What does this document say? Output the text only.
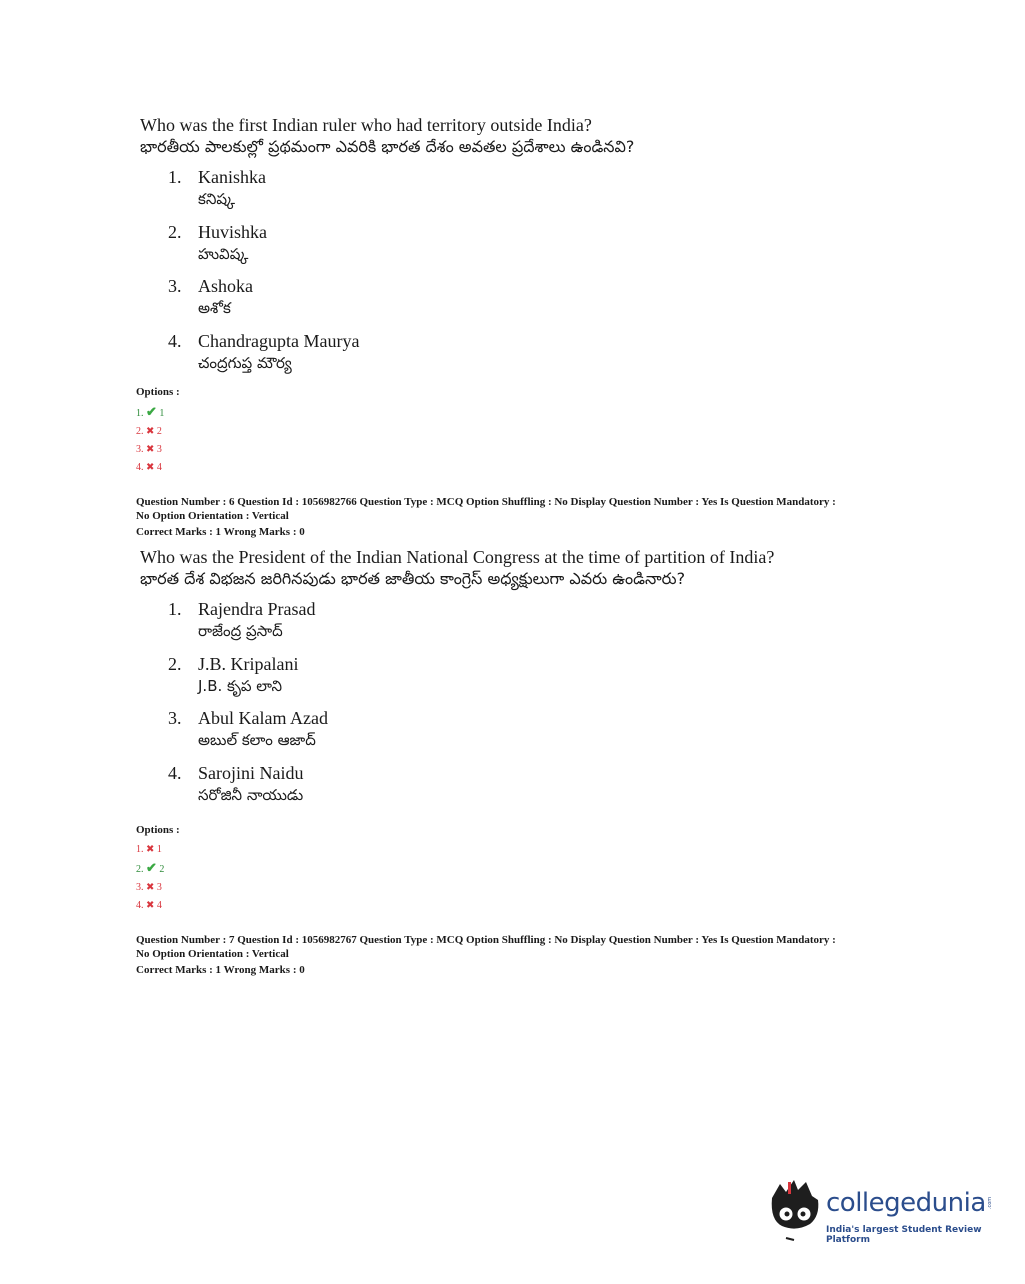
Who was the first Indian ruler who had territory outside India?

భారతీయ పాలకుల్లో ప్రథమంగా ఎవరికి భారత దేశం అవతల ప్రదేశాలు ఉండినవి?

1. Kanishka
కనిష్క
2. Huvishka
హువిష్క
3. Ashoka
అశోక
4. Chandragupta Maurya
చంద్రగుప్త మౌర్య
Options :
1. ✔ 1
2. ✖ 2
3. ✖ 3
4. ✖ 4

Question Number : 6 Question Id : 1056982766 Question Type : MCQ Option Shuffling : No Display Question Number : Yes Is Question Mandatory :

No Option Orientation : Vertical

Correct Marks : 1 Wrong Marks : 0

Who was the President of the Indian National Congress at the time of partition of India?

భారత దేశ విభజన జరిగినపుడు భారత జాతీయ కాంగ్రెస్ అధ్యక్షులుగా ఎవరు ఉండినారు?

1. Rajendra Prasad
రాజేంద్ర ప్రసాద్
2. J.B. Kripalani
J.B. కృప లాని
3. Abul Kalam Azad
అబుల్ కలాం ఆజాద్
4. Sarojini Naidu
సరోజినీ నాయుడు
Options :
1. ✖ 1
2. ✔ 2
3. ✖ 3
4. ✖ 4

Question Number : 7 Question Id : 1056982767 Question Type : MCQ Option Shuffling : No Display Question Number : Yes Is Question Mandatory :

No Option Orientation : Vertical

Correct Marks : 1 Wrong Marks : 0

collegedunia .com
India's largest Student Review Platform
